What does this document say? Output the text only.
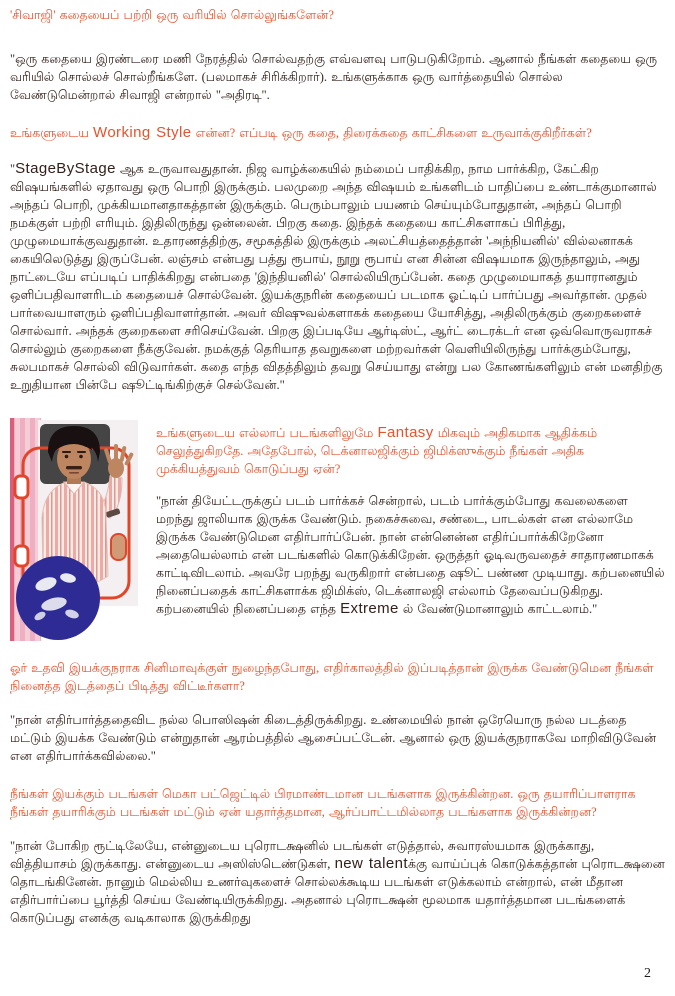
'சிவாஜி' கதையைப் பற்றி ஒரு வரியில் சொல்லுங்களேன்?

"ஒரு கதையை இரண்டரை மணி நேரத்தில் சொல்வதற்கு எவ்வளவு பாடுபடுகிறோம். ஆனால் நீங்கள் கதையை ஒரு வரியில் சொல்லச் சொல்றீங்களே. (பலமாகச் சிரிக்கிறார்). உங்களுக்காக ஒரு வார்த்தையில் சொல்ல வேண்டுமென்றால் சிவாஜி என்றால் "அதிரடி".

உங்களுடைய Working Style என்ன? எப்படி ஒரு கதை, திரைக்கதை காட்சிகளை உருவாக்குகிறீர்கள்?

"StageByStage ஆக உருவாவதுதான். நிஜ வாழ்க்கையில் நம்மைப் பாதிக்கிற, நாம பார்க்கிற, கேட்கிற விஷயங்களில் ஏதாவது ஒரு பொறி இருக்கும். பலமுறை அந்த விஷயம் உங்களிடம் பாதிப்பை உண்டாக்குமானால் அந்தப் பொறி, முக்கியமானதாகத்தான் இருக்கும். பெரும்பாலும் பயணம் செய்யும்போதுதான், அந்தப் பொறி நமக்குள் பற்றி எரியும். இதிலிருந்து ஒன்லைன். பிறகு கதை. இந்தக் கதையை காட்சிகளாகப் பிரித்து, முழுமையாக்குவதுதான். உதாரணத்திற்கு, சமூகத்தில் இருக்கும் அலட்சியத்தைத்தான் 'அந்நியனில்' வில்லனாகக் கையிலெடுத்து இருப்பேன். லஞ்சம் என்பது பத்து ரூபாய், நூறு ரூபாய் என சின்ன விஷயமாக இருந்தாலும், அது நாட்டையே எப்படிப் பாதிக்கிறது என்பதை 'இந்தியனில்' சொல்லியிருப்பேன். கதை முழுமையாகத் தயாரானதும் ஒளிப்பதிவாளரிடம் கதையைச் சொல்வேன். இயக்குநரின் கதையைப் படமாக ஓட்டிப் பார்ப்பது அவர்தான். முதல் பார்வையாளரும் ஒளிப்பதிவாளர்தான். அவர் விஷுவல்களாகக் கதையை யோசித்து, அதிலிருக்கும் குறைகளைச் சொல்வார். அந்தக் குறைகளை சரிசெய்வேன். பிறகு இப்படியே ஆர்டிஸ்ட், ஆர்ட் டைரக்டர் என ஒவ்வொருவராகச் சொல்லும் குறைகளை நீக்குவேன். நமக்குத் தெரியாத தவறுகளை மற்றவர்கள் வெளியிலிருந்து பார்க்கும்போது, சுலபமாகச் சொல்லி விடுவார்கள். கதை எந்த விதத்திலும் தவறு செய்யாது என்று பல கோணங்களிலும் என் மனதிற்கு உறுதியான பின்பே ஷூட்டிங்கிற்குச் செல்வேன்."

உங்களுடைய எல்லாப் படங்களிலுமே Fantasy மிகவும் அதிகமாக ஆதிக்கம் செலுத்துகிறதே. அதேபோல், டெக்னாலஜிக்கும் ஜிமிக்ஸுக்கும் நீங்கள் அதிக முக்கியத்துவம் கொடுப்பது ஏன்?

"நான் தியேட்டருக்குப் படம் பார்க்கச் சென்றால், படம் பார்க்கும்போது கவலைகளை மறந்து ஜாலியாக இருக்க வேண்டும். நகைச்சுவை, சண்டை, பாடல்கள் என எல்லாமே இருக்க வேண்டுமென எதிர்பார்ப்பேன். நான் என்னென்ன எதிர்ப்பார்க்கிறேனோ அதையெல்லாம் என் படங்களில் கொடுக்கிறேன். ஒருத்தர் ஓடிவருவதைச் சாதாரணமாகக் காட்டிவிடலாம். அவரே பறந்து வருகிறார் என்பதை ஷூட் பண்ண முடியாது. கற்பனையில் நினைப்பதைக் காட்சிகளாக்க ஜிமிக்ஸ், டெக்னாலஜி எல்லாம் தேவைப்படுகிறது. கற்பனையில் நினைப்பதை எந்த Extreme ல் வேண்டுமானாலும் காட்டலாம்."

ஓர் உதவி இயக்குநராக சினிமாவுக்குள் நுழைந்தபோது, எதிர்காலத்தில் இப்படித்தான் இருக்க வேண்டுமென நீங்கள் நினைத்த இடத்தைப் பிடித்து விட்டீர்களா?

"நான் எதிர்பார்த்ததைவிட நல்ல பொஸிஷன் கிடைத்திருக்கிறது. உண்மையில் நான் ஒரேயொரு நல்ல படத்தை மட்டும் இயக்க வேண்டும் என்றுதான் ஆரம்பத்தில் ஆசைப்பட்டேன். ஆனால் ஒரு இயக்குநராகவே மாறிவிடுவேன் என எதிர்பார்க்கவில்லை."

நீங்கள் இயக்கும் படங்கள் மெகா பட்ஜெட்டில் பிரமாண்டமான படங்களாக இருக்கின்றன. ஒரு தயாரிப்பாளராக நீங்கள் தயாரிக்கும் படங்கள் மட்டும் ஏன் யதார்த்தமான, ஆர்ப்பாட்டமில்லாத படங்களாக இருக்கின்றன?

"நான் போகிற ரூட்டிலேயே, என்னுடைய புரொடக்ஷனில் படங்கள் எடுத்தால், சுவாரஸ்யமாக இருக்காது, வித்தியாசம் இருக்காது. என்னுடைய அஸிஸ்டெண்டுகள், new talentக்கு வாய்ப்புக் கொடுக்கத்தான் புரொடக்ஷனை தொடங்கினேன். நானும் மெல்லிய உணர்வுகளைச் சொல்லக்கூடிய படங்கள் எடுக்கலாம் என்றால், என் மீதான எதிர்பார்ப்பை பூர்த்தி செய்ய வேண்டியிருக்கிறது. அதனால் புரொடக்ஷன் மூலமாக யதார்த்தமான படங்களைக் கொடுப்பது எனக்கு வடிகாலாக இருக்கிறது

2
